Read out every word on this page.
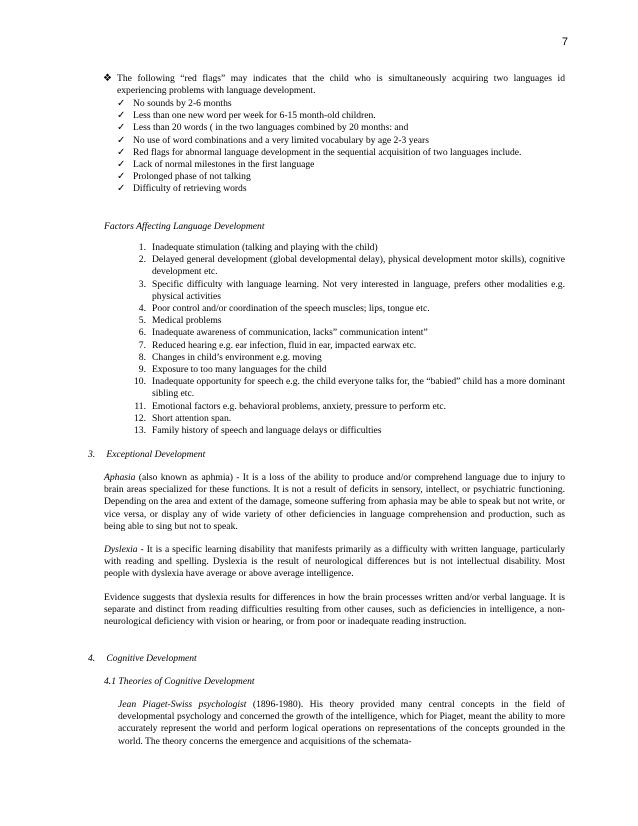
7
❖ The following “red flags” may indicates that the child who is simultaneously acquiring two languages id experiencing problems with language development.
✓ No sounds by 2-6 months
✓ Less than one new word per week for 6-15 month-old children.
✓ Less than 20 words ( in the two languages combined by 20 months: and
✓ No use of word combinations and a very limited vocabulary by age 2-3 years
✓ Red flags for abnormal language development in the sequential acquisition of two languages include.
✓ Lack of normal milestones in the first language
✓ Prolonged phase of not talking
✓ Difficulty of retrieving words
Factors Affecting Language Development
1. Inadequate stimulation (talking and playing with the child)
2. Delayed general development (global developmental delay), physical development motor skills), cognitive development etc.
3. Specific difficulty with language learning. Not very interested in language, prefers other modalities e.g. physical activities
4. Poor control and/or coordination of the speech muscles; lips, tongue etc.
5. Medical problems
6. Inadequate awareness of communication, lacks” communication intent”
7. Reduced hearing e.g. ear infection, fluid in ear, impacted earwax etc.
8. Changes in child’s environment e.g. moving
9. Exposure to too many languages for the child
10. Inadequate opportunity for speech e.g. the child everyone talks for, the “babied” child has a more dominant sibling etc.
11. Emotional factors e.g. behavioral problems, anxiety, pressure to perform etc.
12. Short attention span.
13. Family history of speech and language delays or difficulties
3. Exceptional Development
Aphasia (also known as aphmia) - It is a loss of the ability to produce and/or comprehend language due to injury to brain areas specialized for these functions. It is not a result of deficits in sensory, intellect, or psychiatric functioning. Depending on the area and extent of the damage, someone suffering from aphasia may be able to speak but not write, or vice versa, or display any of wide variety of other deficiencies in language comprehension and production, such as being able to sing but not to speak.
Dyslexia - It is a specific learning disability that manifests primarily as a difficulty with written language, particularly with reading and spelling. Dyslexia is the result of neurological differences but is not intellectual disability. Most people with dyslexia have average or above average intelligence.
Evidence suggests that dyslexia results for differences in how the brain processes written and/or verbal language. It is separate and distinct from reading difficulties resulting from other causes, such as deficiencies in intelligence, a non-neurological deficiency with vision or hearing, or from poor or inadequate reading instruction.
4. Cognitive Development
4.1 Theories of Cognitive Development
Jean Piaget-Swiss psychologist (1896-1980). His theory provided many central concepts in the field of developmental psychology and concerned the growth of the intelligence, which for Piaget, meant the ability to more accurately represent the world and perform logical operations on representations of the concepts grounded in the world. The theory concerns the emergence and acquisitions of the schemata-
